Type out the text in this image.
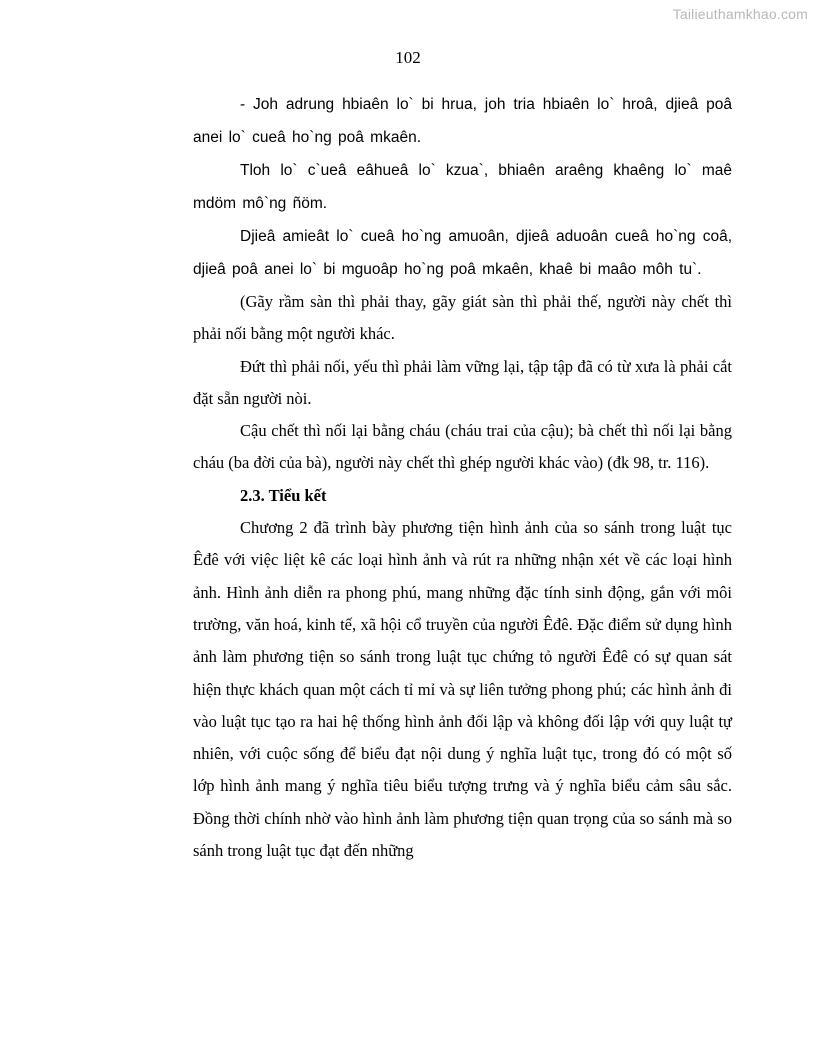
Tailieuthamkhao.com
102

- Joh adrung hbiaên lo` bi hrua, joh tria hbiaên lo` hroâ, djieâ poâ anei lo` cueâ ho`ng poâ mkaên.

Tloh lo` c`ueâ eâhueâ lo` kzua`, bhiaên araêng khaêng lo` maê mdöm mô`ng ñöm.

Djieâ amieât lo` cueâ ho`ng amuoân, djieâ aduoân cueâ ho`ng coâ, djieâ poâ anei lo` bi mguoâp ho`ng poâ mkaên, khaê bi maâo môh tu`.

(Gãy rầm sàn thì phải thay, gãy giát sàn thì phải thế, người này chết thì phải nối bằng một người khác.

Đứt thì phải nối, yếu thì phải làm vững lại, tập tập đã có từ xưa là phải cắt đặt sẵn người nòi.

Cậu chết thì nối lại bằng cháu (cháu trai của cậu); bà chết thì nối lại bằng cháu (ba đời của bà), người này chết thì ghép người khác vào) (đk 98, tr. 116).

2.3. Tiểu kết

Chương 2 đã trình bày phương tiện hình ảnh của so sánh trong luật tục Êđê với việc liệt kê các loại hình ảnh và rút ra những nhận xét về các loại hình ảnh. Hình ảnh diễn ra phong phú, mang những đặc tính sinh động, gắn với môi trường, văn hoá, kinh tế, xã hội cổ truyền của người Êđê. Đặc điểm sử dụng hình ảnh làm phương tiện so sánh trong luật tục chứng tỏ người Êđê có sự quan sát hiện thực khách quan một cách tỉ mỉ và sự liên tưởng phong phú; các hình ảnh đi vào luật tục tạo ra hai hệ thống hình ảnh đối lập và không đối lập với quy luật tự nhiên, với cuộc sống để biểu đạt nội dung ý nghĩa luật tục, trong đó có một số lớp hình ảnh mang ý nghĩa tiêu biểu tượng trưng và ý nghĩa biểu cảm sâu sắc. Đồng thời chính nhờ vào hình ảnh làm phương tiện quan trọng của so sánh mà so sánh trong luật tục đạt đến những
